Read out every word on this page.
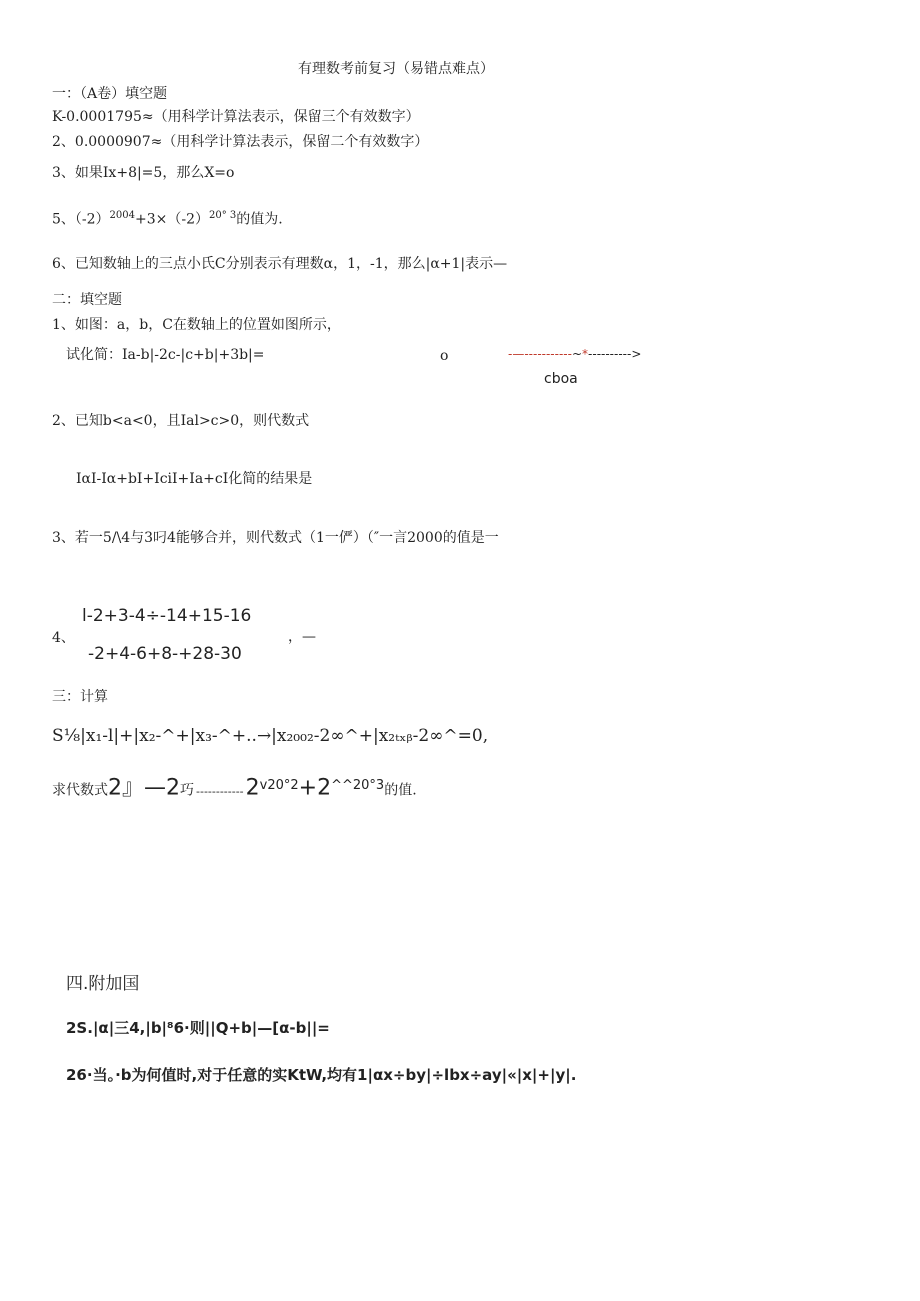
有理数考前复习（易错点难点）
一：（A卷）填空题
K-0.0001795≈（用科学计算法表示，保留三个有效数字）
2、0.0000907≈（用科学计算法表示，保留二个有效数字）
3、如果Ix+8|=5，那么X=o
5、$(-2)^{2004}+3\times(-2)^{20^\circ 3}$的值为.
6、已知数轴上的三点小氏C分别表示有理数α，1，-1，那么|α+1|表示—
二：填空题
1、如图：a，b，C在数轴上的位置如图所示，
试化简：Ia-b|-2c-|c+b|+3b|=	o	-—-----------~*---------->
cboa
2、已知b<a<0，且Ial>c>0，则代数式
IαI-Iα+bI+IciI+Ia+cI化简的结果是
3、若一5/\4与3叼4能够合并，则代数式（1一俨）（″一言2000的值是一
4、
l-2+3-4÷-14+15-16
-2+4-6+8-+28-30
，—
三：计算
S⅛|x₁-l|+|x₂-^+|x₃-^+..→|x₂₀₀₂-2∞^+|x₂ₜₓᵦ-2∞^=0,
求代数式2』—2巧 $------------2^{v20^\circ 2}+2^{\^{}\^{}20^\circ 3}$的值.
四.附加国
2S.|α|三4,|b|⁸6·则||Q+b|—[α-b||=
26·当。·b为何值时,对于任意的实KtW,均有1|αx÷by|÷lbx÷ay|«|x|+|y|.
